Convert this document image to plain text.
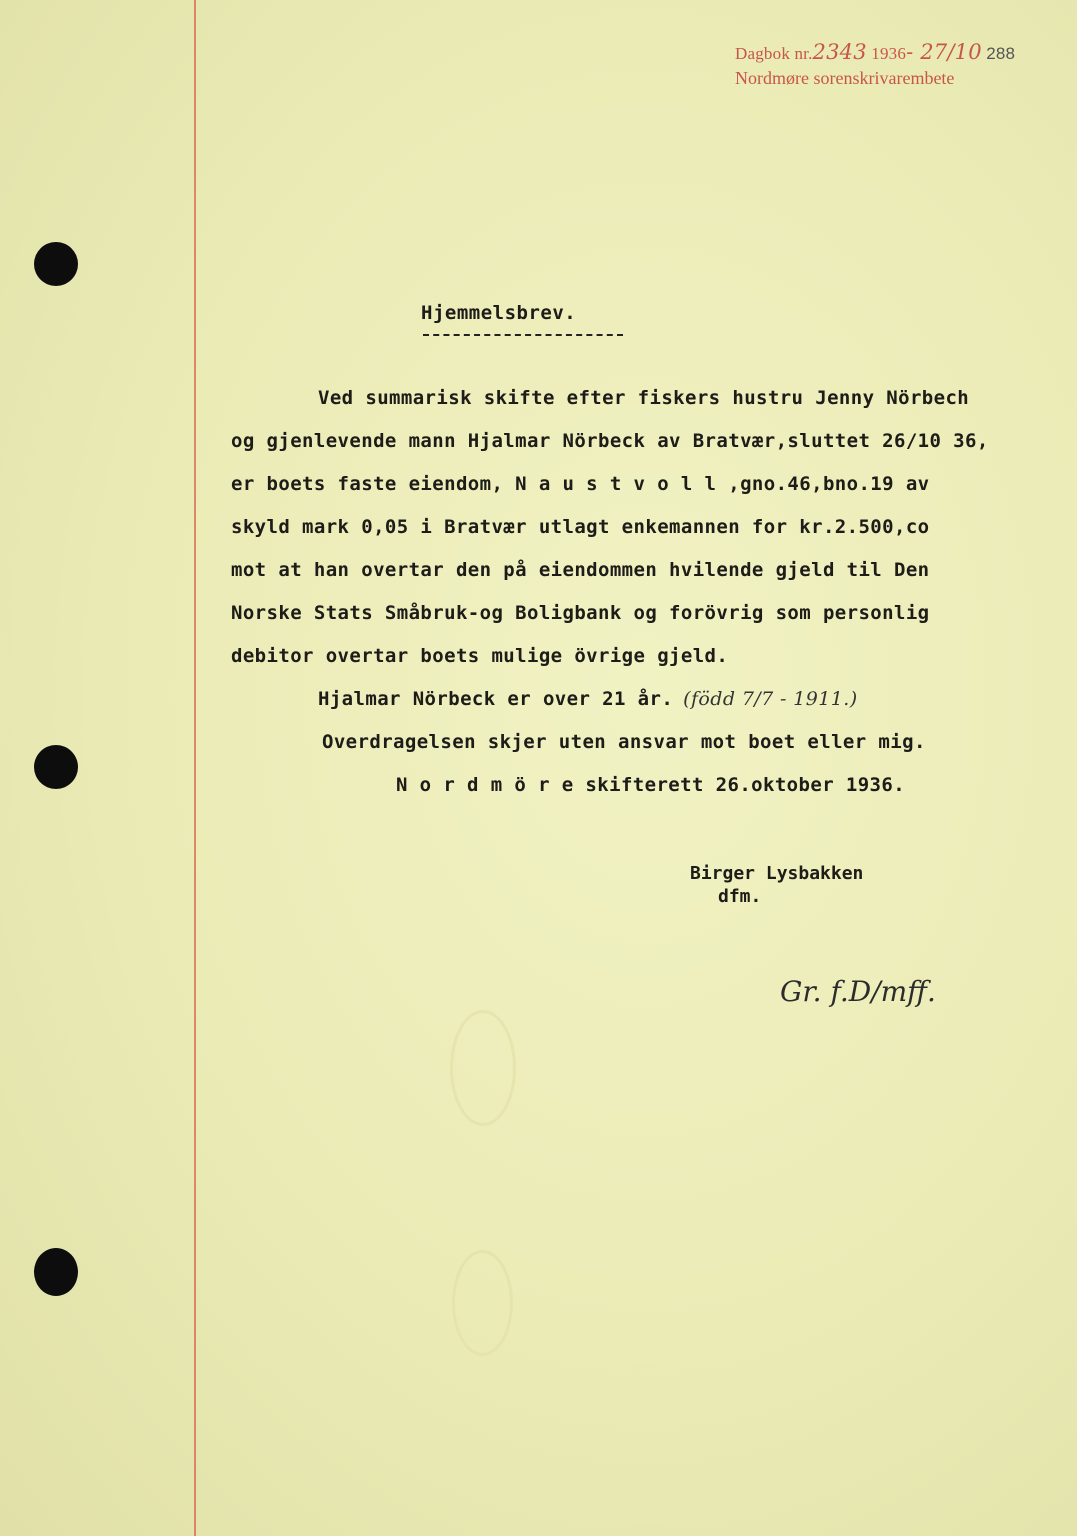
Dagbok nr.2343 1936- 27/10 288
Nordmøre sorenskrivarembete
Hjemmelsbrev.
Ved summarisk skifte efter fiskers hustru Jenny Nörbech
og gjenlevende mann Hjalmar Nörbeck av Bratvær,sluttet 26/10 36,
er boets faste eiendom, N a u s t v o l l ,gno.46,bno.19 av
skyld mark 0,05 i Bratvær utlagt enkemannen for kr.2.500,co
mot at han overtar den på eiendommen hvilende gjeld til Den
Norske Stats Småbruk-og Boligbank og forövrig som personlig
debitor overtar boets mulige övrige gjeld.
Hjalmar Nörbeck er over 21 år. (född 7/7 - 1911.)
Overdragelsen skjer uten ansvar mot boet eller mig.
N o r d m ö r e skifterett 26.oktober 1936.
Birger Lysbakken
dfm.
Gr. f.D/mff.
